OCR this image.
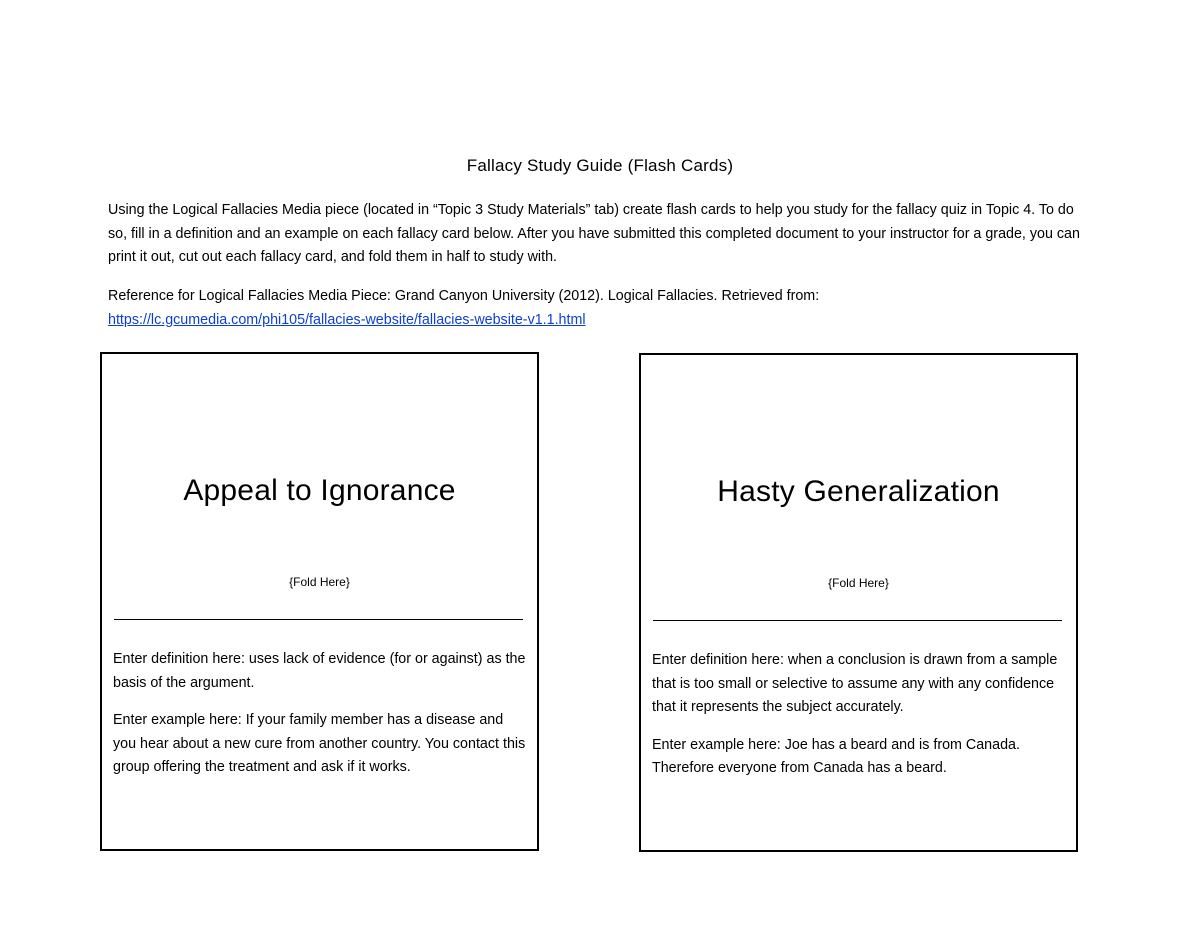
Fallacy Study Guide (Flash Cards)

Using the Logical Fallacies Media piece (located in “Topic 3 Study Materials” tab) create flash cards to help you study for the fallacy quiz in Topic 4. To do so, fill in a definition and an example on each fallacy card below. After you have submitted this completed document to your instructor for a grade, you can print it out, cut out each fallacy card, and fold them in half to study with.

Reference for Logical Fallacies Media Piece: Grand Canyon University (2012). Logical Fallacies. Retrieved from:
https://lc.gcumedia.com/phi105/fallacies-website/fallacies-website-v1.1.html

Appeal to Ignorance
{Fold Here}

Enter definition here: uses lack of evidence (for or against) as the basis of the argument.

Enter example here: If your family member has a disease and you hear about a new cure from another country. You contact this group offering the treatment and ask if it works.

Hasty Generalization
{Fold Here}

Enter definition here: when a conclusion is drawn from a sample that is too small or selective to assume any with any confidence that it represents the subject accurately.

Enter example here: Joe has a beard and is from Canada. Therefore everyone from Canada has a beard.
